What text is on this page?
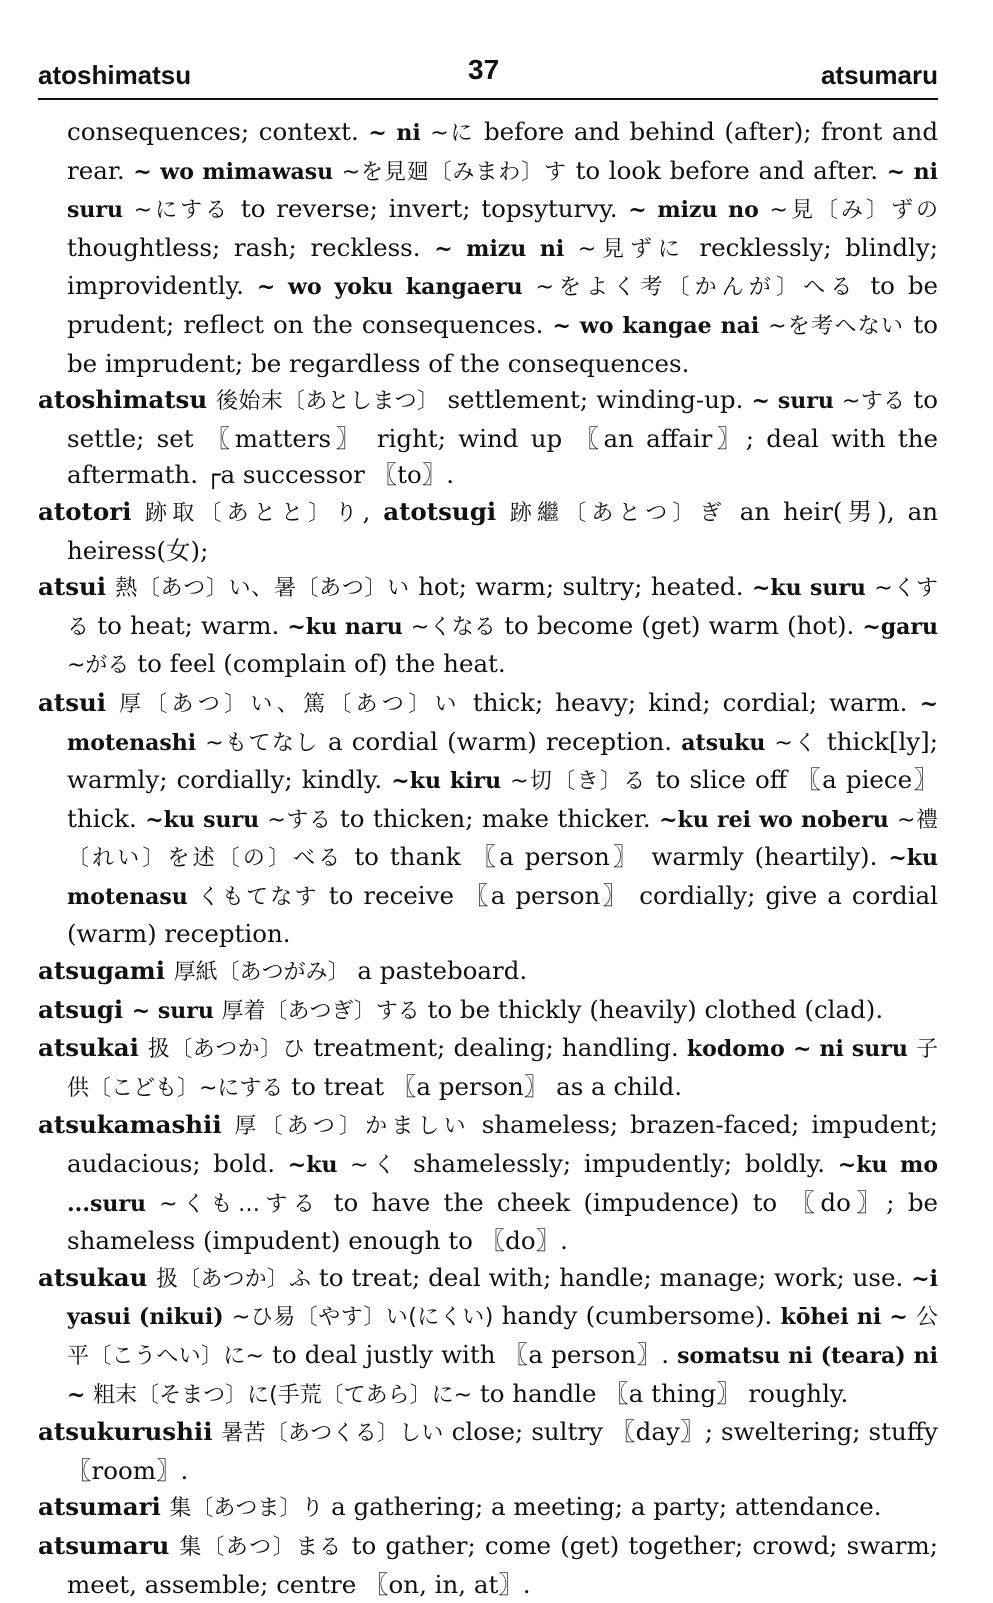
atoshimatsu	37	atsumaru

consequences; context. ~ ni ~に before and behind (after); front and rear. ~ wo mimawasu ~を見廻〔みまわ〕す to look before and after. ~ ni suru ~にする to reverse; invert; topsyturvy. ~ mizu no ~見〔み〕ずの thoughtless; rash; reckless. ~ mizu ni ~見ずに recklessly; blindly; improvidently. ~ wo yoku kangaeru ~をよく考〔かんが〕へる to be prudent; reflect on the consequences. ~ wo kangae nai ~を考へない to be imprudent; be regardless of the consequences.

atoshimatsu 後始末〔あとしまつ〕 settlement; winding-up. ~ suru ~する to settle; set 〖matters〗 right; wind up 〖an affair〗; deal with the aftermath. ┌a successor 〖to〗.

atotori 跡取〔あとと〕り, atotsugi 跡繼〔あとつ〕ぎ an heir(男), an heiress(女);

atsui 熱〔あつ〕い、暑〔あつ〕い hot; warm; sultry; heated. ~ku suru ~くする to heat; warm. ~ku naru ~くなる to become (get) warm (hot). ~garu ~がる to feel (complain of) the heat.

atsui 厚〔あつ〕い、篤〔あつ〕い thick; heavy; kind; cordial; warm. ~ motenashi ~もてなし a cordial (warm) reception. atsuku ~く thick[ly]; warmly; cordially; kindly. ~ku kiru ~切〔き〕る to slice off 〖a piece〗 thick. ~ku suru ~する to thicken; make thicker. ~ku rei wo noberu ~禮〔れい〕を述〔の〕べる to thank 〖a person〗 warmly (heartily). ~ku motenasu くもてなす to receive 〖a person〗 cordially; give a cordial (warm) reception.

atsugami 厚紙〔あつがみ〕 a pasteboard.

atsugi ~ suru 厚着〔あつぎ〕する to be thickly (heavily) clothed (clad).

atsukai 扱〔あつか〕ひ treatment; dealing; handling. kodomo ~ ni suru 子供〔こども〕~にする to treat 〖a person〗 as a child.

atsukamashii 厚〔あつ〕かましい shameless; brazen-faced; impudent; audacious; bold. ~ku ~く shamelessly; impudently; boldly. ~ku mo ...suru ~くも…する to have the cheek (impudence) to 〖do〗; be shameless (impudent) enough to 〖do〗.

atsukau 扱〔あつか〕ふ to treat; deal with; handle; manage; work; use. ~i yasui (nikui) ~ひ易〔やす〕い(にくい) handy (cumbersome). kōhei ni ~ 公平〔こうへい〕に~ to deal justly with 〖a person〗. somatsu ni (teara) ni ~ 粗末〔そまつ〕に(手荒〔てあら〕に~ to handle 〖a thing〗 roughly.

atsukurushii 暑苦〔あつくる〕しい close; sultry 〖day〗; sweltering; stuffy 〖room〗.

atsumari 集〔あつま〕り a gathering; a meeting; a party; attendance.

atsumaru 集〔あつ〕まる to gather; come (get) together; crowd; swarm; meet, assemble; centre 〖on, in, at〗.
